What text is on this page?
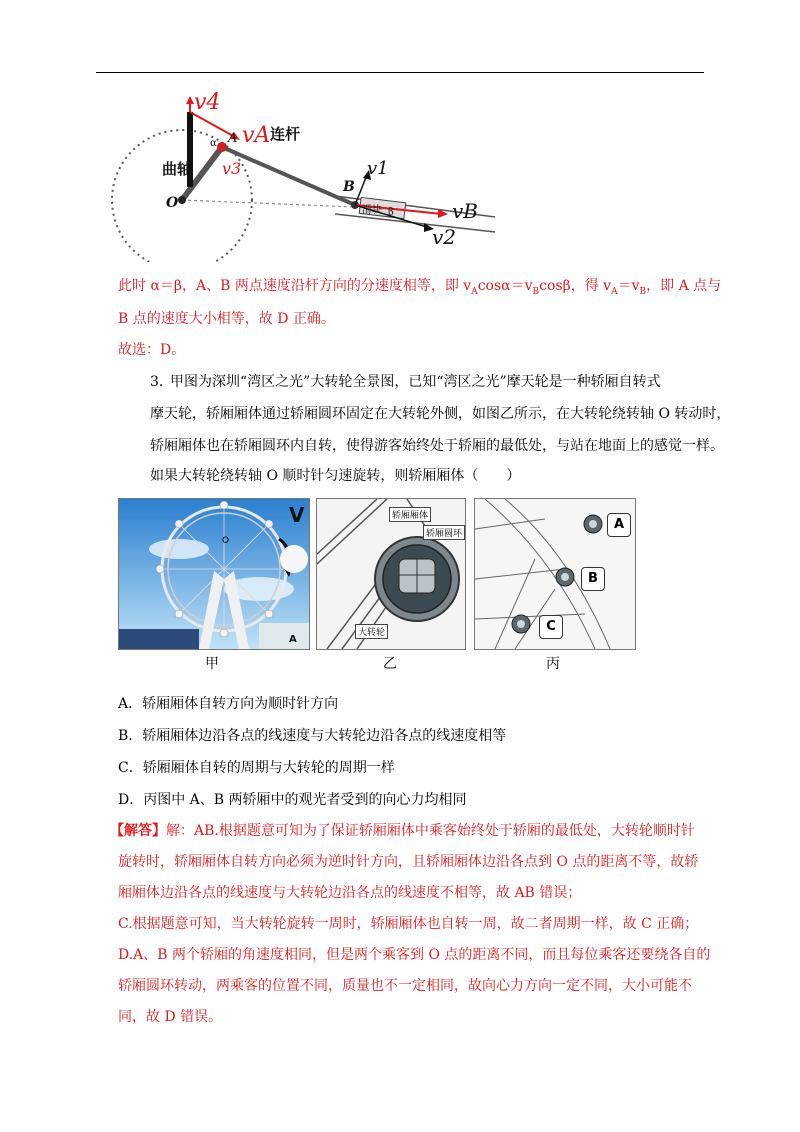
v4
vA
v3
vB
v1
v2
曲轴
连杆
滑块
O
A
B
α
β
此时 α＝β，A、B 两点速度沿杆方向的分速度相等，即 $v_A\cos\alpha=v_B\cos\beta$，得 $v_A=v_B$，即 A 点与
B 点的速度大小相等，故 D 正确。
故选：D。
3. 甲图为深圳“湾区之光”大转轮全景图，已知“湾区之光”摩天轮是一种轿厢自转式
摩天轮，轿厢厢体通过轿厢圆环固定在大转轮外侧，如图乙所示，在大转轮绕转轴 O 转动时，
轿厢厢体也在轿厢圆环内自转，使得游客始终处于轿厢的最低处，与站在地面上的感觉一样。
如果大转轮绕转轴 O 顺时针匀速旋转，则轿厢厢体（　　）
O
V
A
轿厢厢体
轿厢圆环
大转轮
A
B
C
甲	乙	丙
A．轿厢厢体自转方向为顺时针方向
B．轿厢厢体边沿各点的线速度与大转轮边沿各点的线速度相等
C．轿厢厢体自转的周期与大转轮的周期一样
D．丙图中 A、B 两轿厢中的观光者受到的向心力均相同
【解答】解：AB.根据题意可知为了保证轿厢厢体中乘客始终处于轿厢的最低处，大转轮顺时针
旋转时，轿厢厢体自转方向必须为逆时针方向，且轿厢厢体边沿各点到 O 点的距离不等，故轿
厢厢体边沿各点的线速度与大转轮边沿各点的线速度不相等，故 AB 错误；
C.根据题意可知，当大转轮旋转一周时，轿厢厢体也自转一周，故二者周期一样，故 C 正确；
D.A、B 两个轿厢的角速度相同，但是两个乘客到 O 点的距离不同，而且每位乘客还要绕各自的
轿厢圆环转动，两乘客的位置不同，质量也不一定相同，故向心力方向一定不同，大小可能不
同，故 D 错误。
